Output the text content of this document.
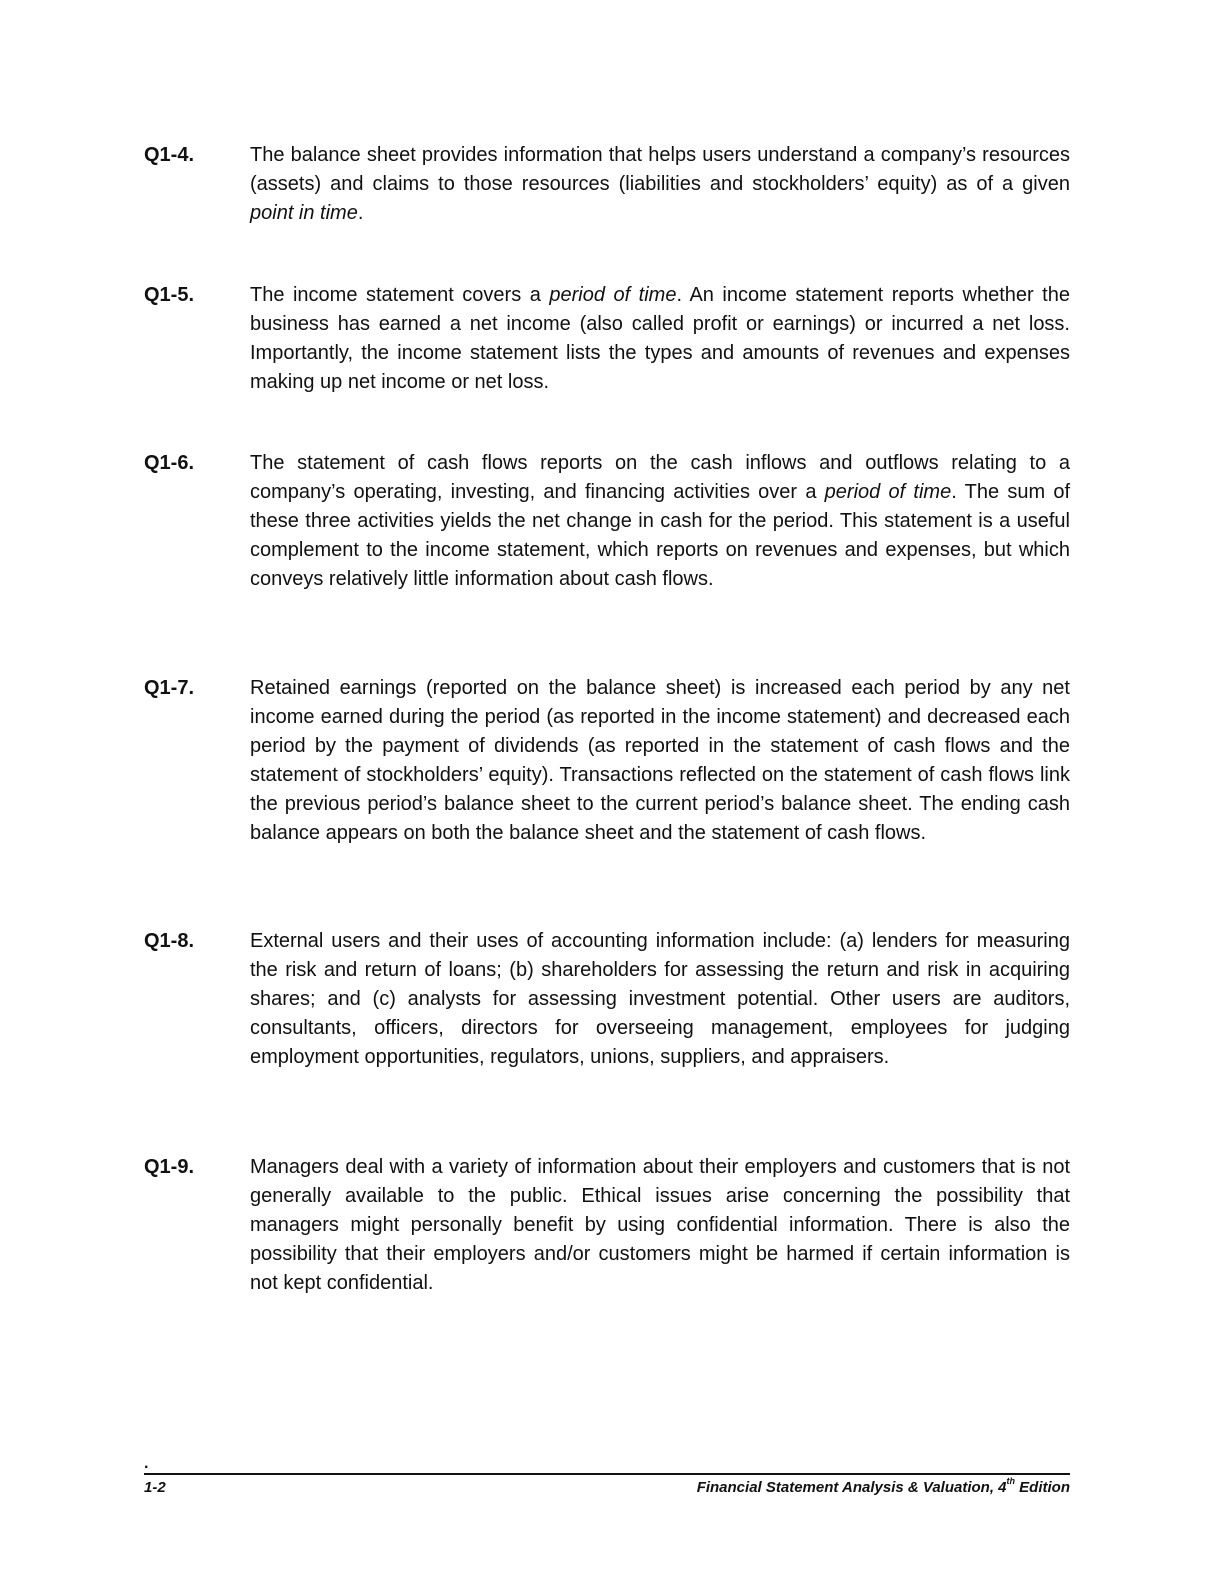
Q1-4.	The balance sheet provides information that helps users understand a company’s resources (assets) and claims to those resources (liabilities and stockholders’ equity) as of a given point in time.

Q1-5.	The income statement covers a period of time. An income statement reports whether the business has earned a net income (also called profit or earnings) or incurred a net loss. Importantly, the income statement lists the types and amounts of revenues and expenses making up net income or net loss.

Q1-6.	The statement of cash flows reports on the cash inflows and outflows relating to a company’s operating, investing, and financing activities over a period of time. The sum of these three activities yields the net change in cash for the period. This statement is a useful complement to the income statement, which reports on revenues and expenses, but which conveys relatively little information about cash flows.

Q1-7.	Retained earnings (reported on the balance sheet) is increased each period by any net income earned during the period (as reported in the income statement) and decreased each period by the payment of dividends (as reported in the statement of cash flows and the statement of stockholders’ equity). Transactions reflected on the statement of cash flows link the previous period’s balance sheet to the current period’s balance sheet. The ending cash balance appears on both the balance sheet and the statement of cash flows.

Q1-8.	External users and their uses of accounting information include: (a) lenders for measuring the risk and return of loans; (b) shareholders for assessing the return and risk in acquiring shares; and (c) analysts for assessing investment potential. Other users are auditors, consultants, officers, directors for overseeing management, employees for judging employment opportunities, regulators, unions, suppliers, and appraisers.

Q1-9.	Managers deal with a variety of information about their employers and customers that is not generally available to the public. Ethical issues arise concerning the possibility that managers might personally benefit by using confidential information. There is also the possibility that their employers and/or customers might be harmed if certain information is not kept confidential.

.
1-2	Financial Statement Analysis & Valuation, 4th Edition
